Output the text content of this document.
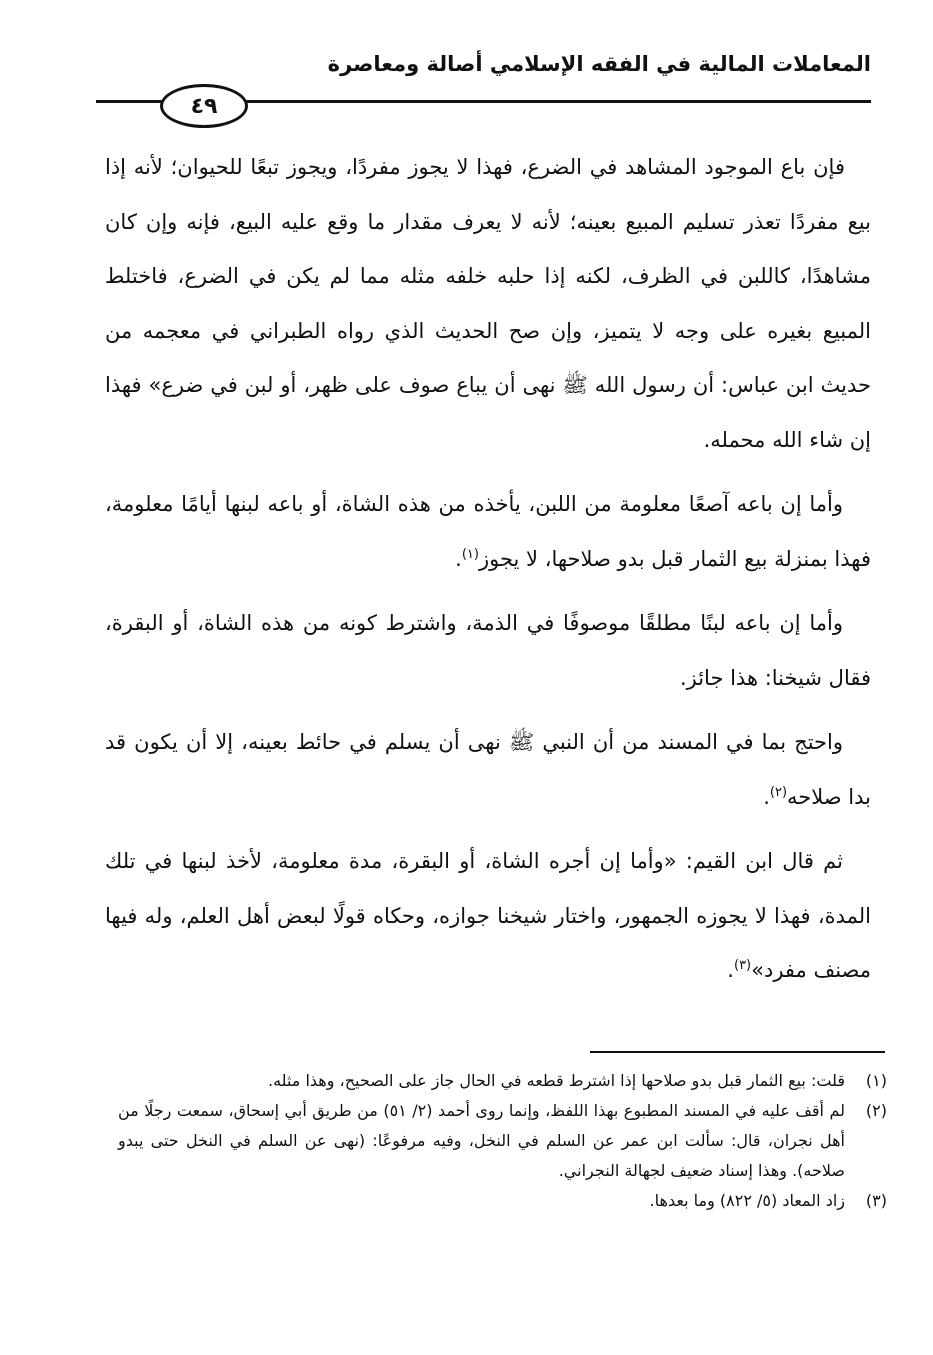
المعاملات المالية في الفقه الإسلامي أصالة ومعاصرة
٤٩

فإن باع الموجود المشاهد في الضرع، فهذا لا يجوز مفردًا، ويجوز تبعًا للحيوان؛ لأنه إذا بيع مفردًا تعذر تسليم المبيع بعينه؛ لأنه لا يعرف مقدار ما وقع عليه البيع، فإنه وإن كان مشاهدًا، كاللبن في الظرف، لكنه إذا حلبه خلفه مثله مما لم يكن في الضرع، فاختلط المبيع بغيره على وجه لا يتميز، وإن صح الحديث الذي رواه الطبراني في معجمه من حديث ابن عباس: أن رسول الله ﷺ نهى أن يباع صوف على ظهر، أو لبن في ضرع» فهذا إن شاء الله محمله.

وأما إن باعه آصعًا معلومة من اللبن، يأخذه من هذه الشاة، أو باعه لبنها أيامًا معلومة، فهذا بمنزلة بيع الثمار قبل بدو صلاحها، لا يجوز$^{(١)}$.

وأما إن باعه لبنًا مطلقًا موصوفًا في الذمة، واشترط كونه من هذه الشاة، أو البقرة، فقال شيخنا: هذا جائز.

واحتج بما في المسند من أن النبي ﷺ نهى أن يسلم في حائط بعينه، إلا أن يكون قد بدا صلاحه$^{(٢)}$.

ثم قال ابن القيم: «وأما إن أجره الشاة، أو البقرة، مدة معلومة، لأخذ لبنها في تلك المدة، فهذا لا يجوزه الجمهور، واختار شيخنا جوازه، وحكاه قولًا لبعض أهل العلم، وله فيها مصنف مفرد»$^{(٣)}$.

(١)
قلت: بيع الثمار قبل بدو صلاحها إذا اشترط قطعه في الحال جاز على الصحيح، وهذا مثله.
(٢)
لم أقف عليه في المسند المطبوع بهذا اللفظ، وإنما روى أحمد (٢/ ٥١) من طريق أبي إسحاق، سمعت رجلًا من أهل نجران، قال: سألت ابن عمر عن السلم في النخل، وفيه مرفوعًا: (نهى عن السلم في النخل حتى يبدو صلاحه). وهذا إسناد ضعيف لجهالة النجراني.
(٣)
زاد المعاد (٥/ ٨٢٢) وما بعدها.
